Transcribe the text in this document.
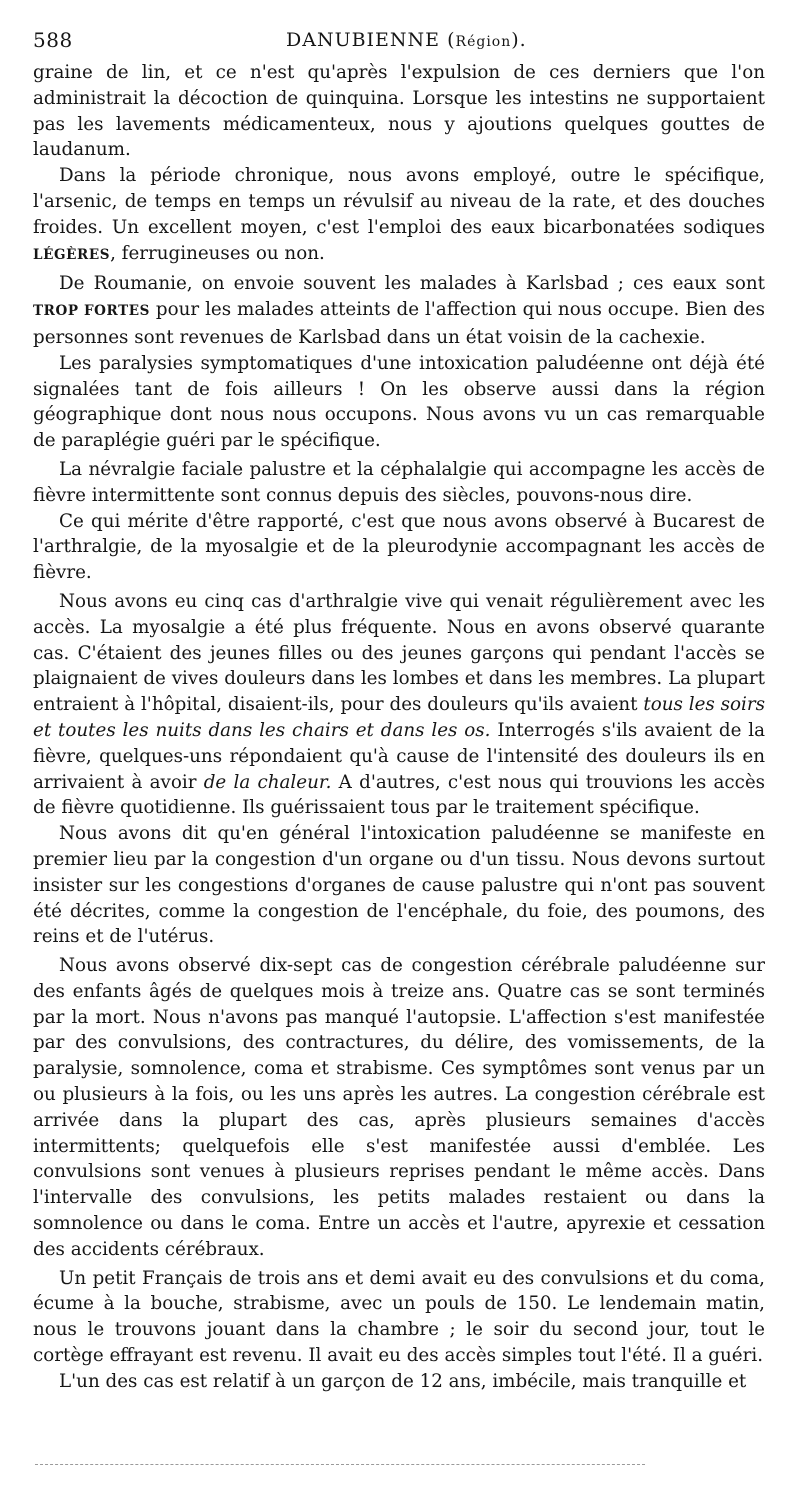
588	DANUBIENNE (Région).

graine de lin, et ce n'est qu'après l'expulsion de ces derniers que l'on administrait la décoction de quinquina. Lorsque les intestins ne supportaient pas les lavements médicamenteux, nous y ajoutions quelques gouttes de laudanum.

Dans la période chronique, nous avons employé, outre le spécifique, l'arsenic, de temps en temps un révulsif au niveau de la rate, et des douches froides. Un excellent moyen, c'est l'emploi des eaux bicarbonatées sodiques LÉGÈRES, ferrugineuses ou non.

De Roumanie, on envoie souvent les malades à Karlsbad ; ces eaux sont TROP FORTES pour les malades atteints de l'affection qui nous occupe. Bien des personnes sont revenues de Karlsbad dans un état voisin de la cachexie.

Les paralysies symptomatiques d'une intoxication paludéenne ont déjà été signalées tant de fois ailleurs ! On les observe aussi dans la région géographique dont nous nous occupons. Nous avons vu un cas remarquable de paraplégie guéri par le spécifique.

La névralgie faciale palustre et la céphalalgie qui accompagne les accès de fièvre intermittente sont connus depuis des siècles, pouvons-nous dire.

Ce qui mérite d'être rapporté, c'est que nous avons observé à Bucarest de l'arthralgie, de la myosalgie et de la pleurodynie accompagnant les accès de fièvre.

Nous avons eu cinq cas d'arthralgie vive qui venait régulièrement avec les accès. La myosalgie a été plus fréquente. Nous en avons observé quarante cas. C'étaient des jeunes filles ou des jeunes garçons qui pendant l'accès se plaignaient de vives douleurs dans les lombes et dans les membres. La plupart entraient à l'hôpital, disaient-ils, pour des douleurs qu'ils avaient tous les soirs et toutes les nuits dans les chairs et dans les os. Interrogés s'ils avaient de la fièvre, quelques-uns répondaient qu'à cause de l'intensité des douleurs ils en arrivaient à avoir de la chaleur. A d'autres, c'est nous qui trouvions les accès de fièvre quotidienne. Ils guérissaient tous par le traitement spécifique.

Nous avons dit qu'en général l'intoxication paludéenne se manifeste en premier lieu par la congestion d'un organe ou d'un tissu. Nous devons surtout insister sur les congestions d'organes de cause palustre qui n'ont pas souvent été décrites, comme la congestion de l'encéphale, du foie, des poumons, des reins et de l'utérus.

Nous avons observé dix-sept cas de congestion cérébrale paludéenne sur des enfants âgés de quelques mois à treize ans. Quatre cas se sont terminés par la mort. Nous n'avons pas manqué l'autopsie. L'affection s'est manifestée par des convulsions, des contractures, du délire, des vomissements, de la paralysie, somnolence, coma et strabisme. Ces symptômes sont venus par un ou plusieurs à la fois, ou les uns après les autres. La congestion cérébrale est arrivée dans la plupart des cas, après plusieurs semaines d'accès intermittents; quelquefois elle s'est manifestée aussi d'emblée. Les convulsions sont venues à plusieurs reprises pendant le même accès. Dans l'intervalle des convulsions, les petits malades restaient ou dans la somnolence ou dans le coma. Entre un accès et l'autre, apyrexie et cessation des accidents cérébraux.

Un petit Français de trois ans et demi avait eu des convulsions et du coma, écume à la bouche, strabisme, avec un pouls de 150. Le lendemain matin, nous le trouvons jouant dans la chambre ; le soir du second jour, tout le cortège effrayant est revenu. Il avait eu des accès simples tout l'été. Il a guéri.

L'un des cas est relatif à un garçon de 12 ans, imbécile, mais tranquille et
